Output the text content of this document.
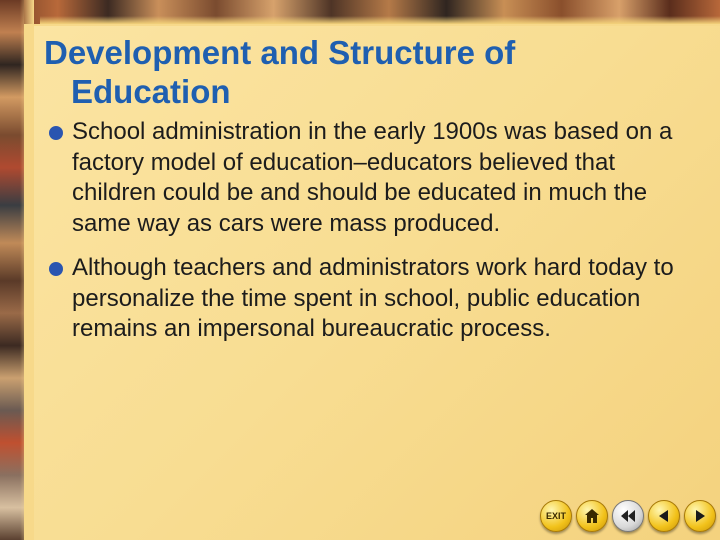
Development and Structure of
Education
School administration in the early 1900s was based on a factory model of education–educators believed that children could be and should be educated in much the same way as cars were mass produced.
Although teachers and administrators work hard today to personalize the time spent in school, public education remains an impersonal bureaucratic process.
EXIT
